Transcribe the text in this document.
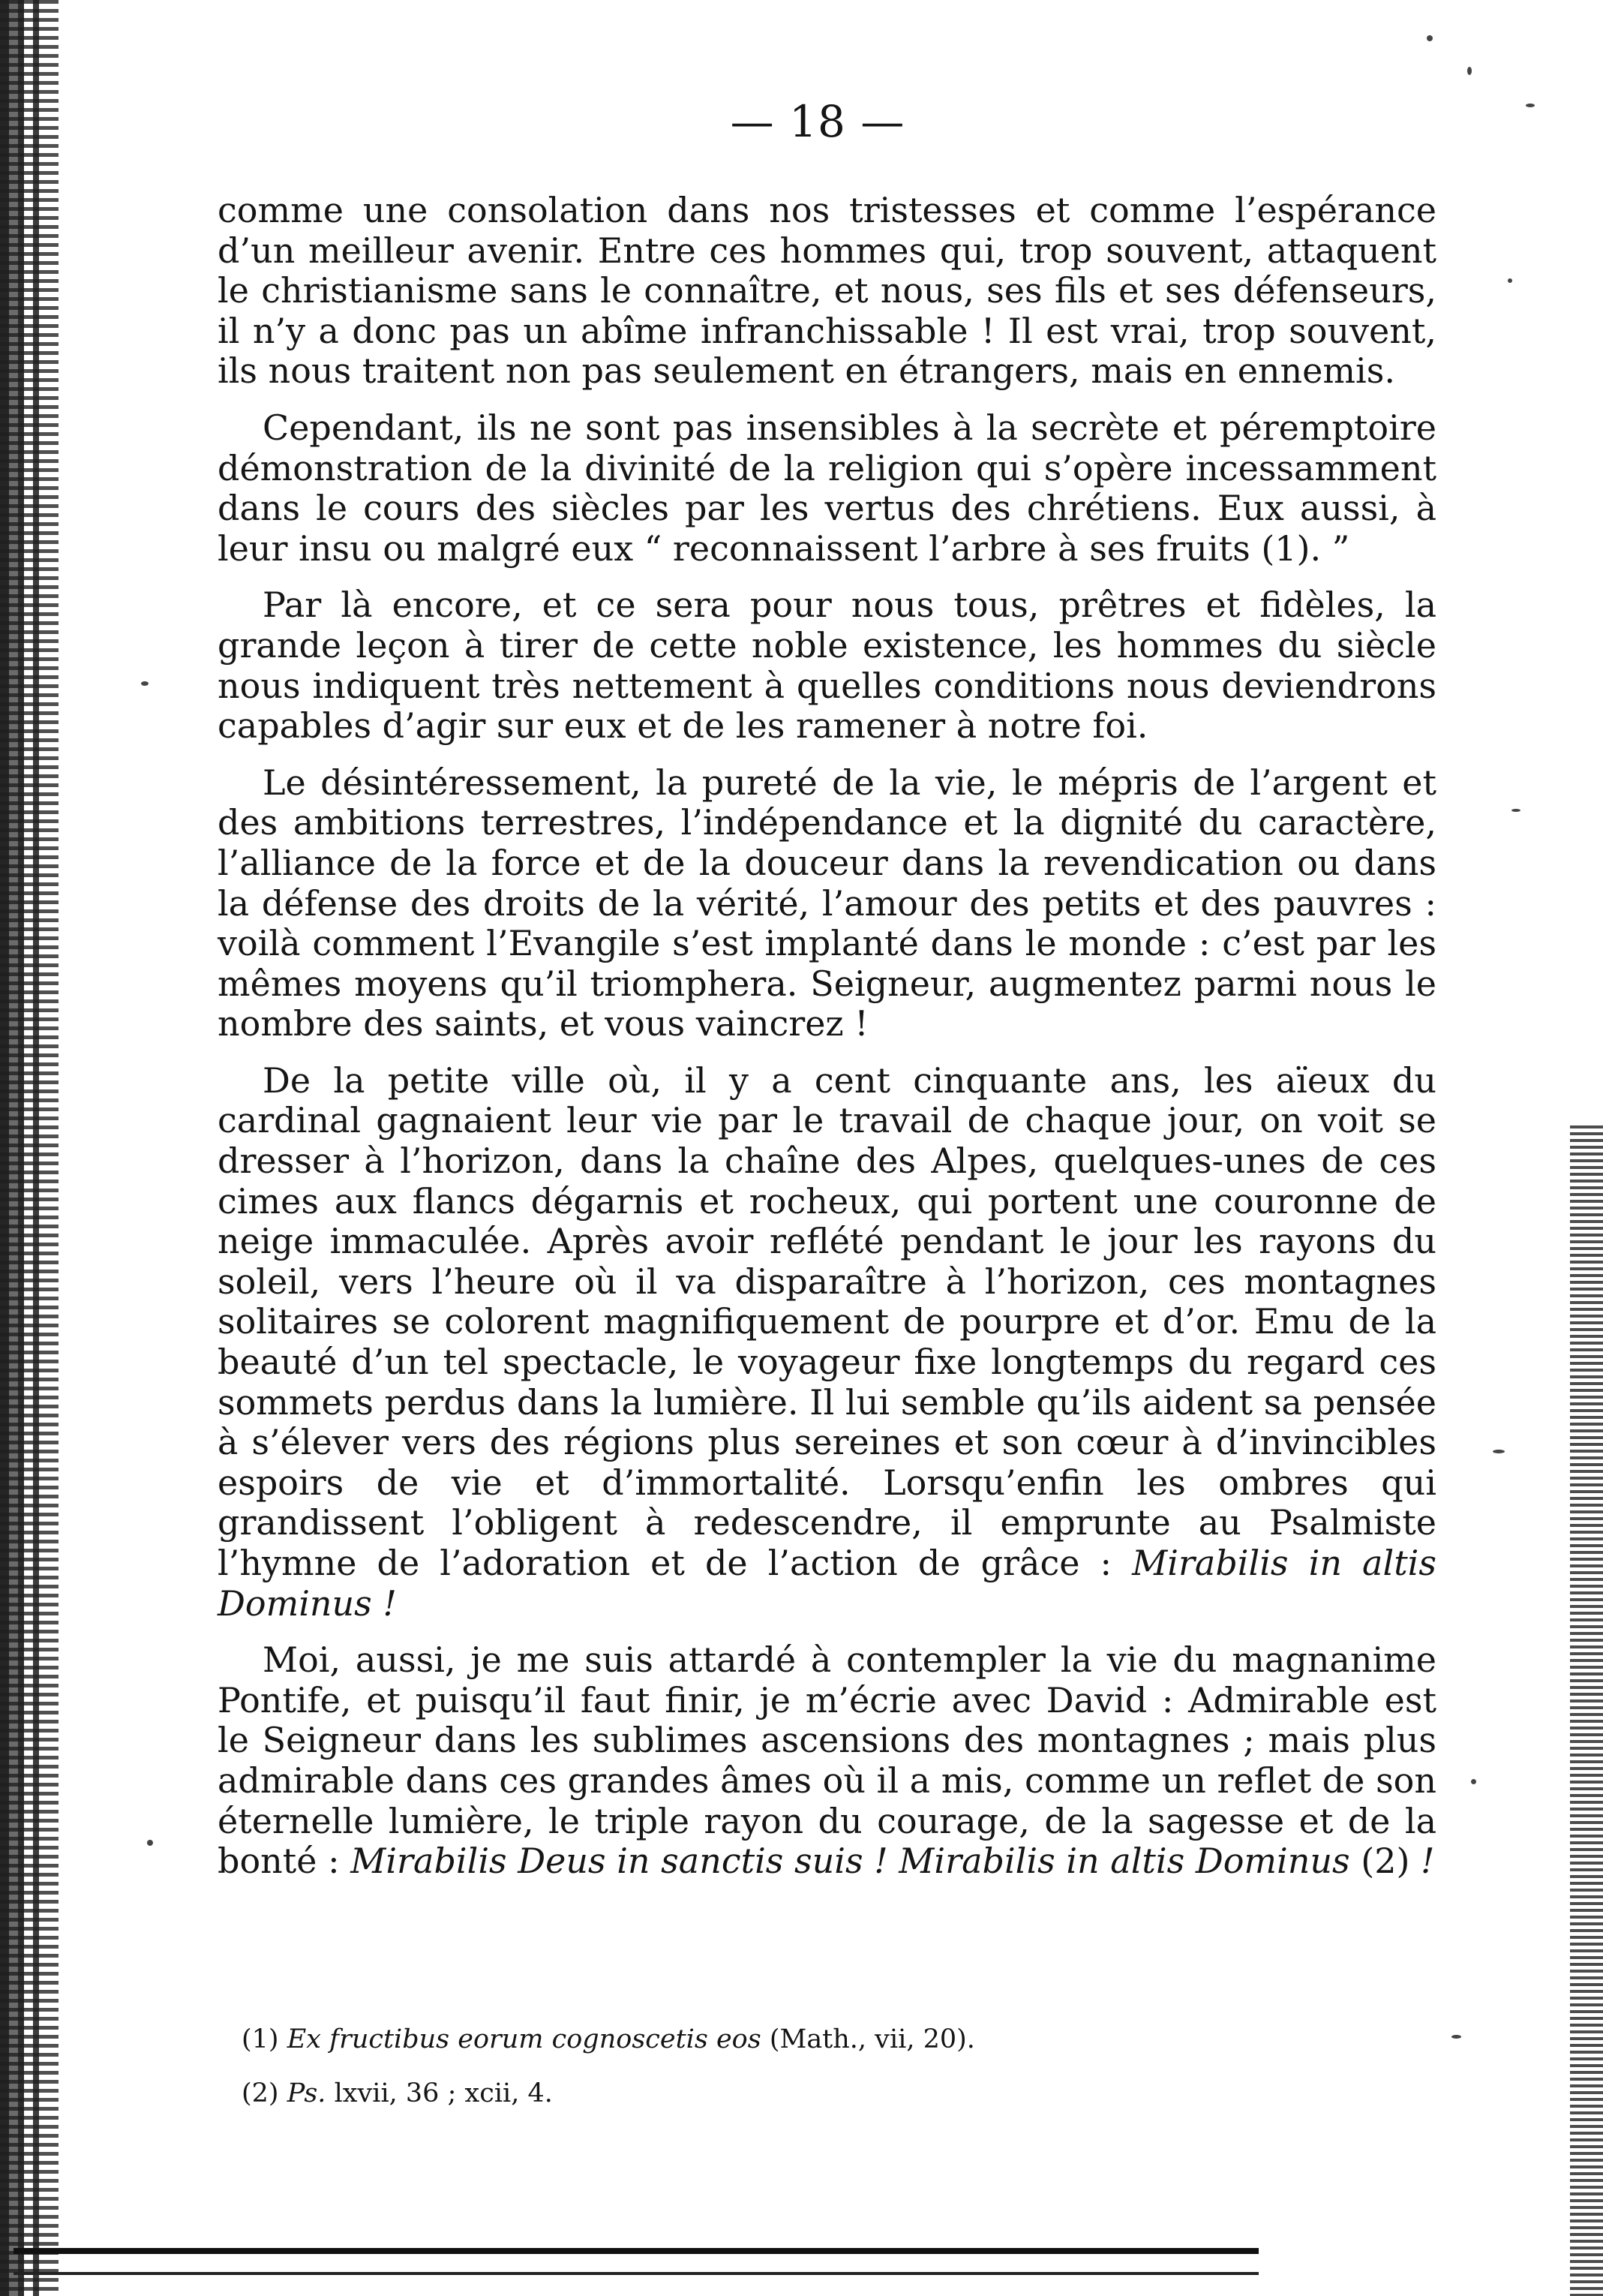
— 18 —

comme une consolation dans nos tristesses et comme l’espérance d’un meilleur avenir. Entre ces hommes qui, trop souvent, attaquent le christianisme sans le connaître, et nous, ses fils et ses défenseurs, il n’y a donc pas un abîme infranchissable ! Il est vrai, trop souvent, ils nous traitent non pas seulement en étrangers, mais en ennemis.

Cependant, ils ne sont pas insensibles à la secrète et péremptoire démonstration de la divinité de la religion qui s’opère incessamment dans le cours des siècles par les vertus des chrétiens. Eux aussi, à leur insu ou malgré eux “ reconnaissent l’arbre à ses fruits (1). ”

Par là encore, et ce sera pour nous tous, prêtres et fidèles, la grande leçon à tirer de cette noble existence, les hommes du siècle nous indiquent très nettement à quelles conditions nous deviendrons capables d’agir sur eux et de les ramener à notre foi.

Le désintéressement, la pureté de la vie, le mépris de l’argent et des ambitions terrestres, l’indépendance et la dignité du caractère, l’alliance de la force et de la douceur dans la revendication ou dans la défense des droits de la vérité, l’amour des petits et des pauvres : voilà comment l’Evangile s’est implanté dans le monde : c’est par les mêmes moyens qu’il triomphera. Seigneur, augmentez parmi nous le nombre des saints, et vous vaincrez !

De la petite ville où, il y a cent cinquante ans, les aïeux du cardinal gagnaient leur vie par le travail de chaque jour, on voit se dresser à l’horizon, dans la chaîne des Alpes, quelques-unes de ces cimes aux flancs dégarnis et rocheux, qui portent une couronne de neige immaculée. Après avoir reflété pendant le jour les rayons du soleil, vers l’heure où il va disparaître à l’horizon, ces montagnes solitaires se colorent magnifiquement de pourpre et d’or. Emu de la beauté d’un tel spectacle, le voyageur fixe longtemps du regard ces sommets perdus dans la lumière. Il lui semble qu’ils aident sa pensée à s’élever vers des régions plus sereines et son cœur à d’invincibles espoirs de vie et d’immortalité. Lorsqu’enfin les ombres qui grandissent l’obligent à redescendre, il emprunte au Psalmiste l’hymne de l’adoration et de l’action de grâce : Mirabilis in altis Dominus !

Moi, aussi, je me suis attardé à contempler la vie du magnanime Pontife, et puisqu’il faut finir, je m’écrie avec David : Admirable est le Seigneur dans les sublimes ascensions des montagnes ; mais plus admirable dans ces grandes âmes où il a mis, comme un reflet de son éternelle lumière, le triple rayon du courage, de la sagesse et de la bonté : Mirabilis Deus in sanctis suis ! Mirabilis in altis Dominus (2) !

(1) Ex fructibus eorum cognoscetis eos (Math., vii, 20).

(2) Ps. lxvii, 36 ; xcii, 4.
